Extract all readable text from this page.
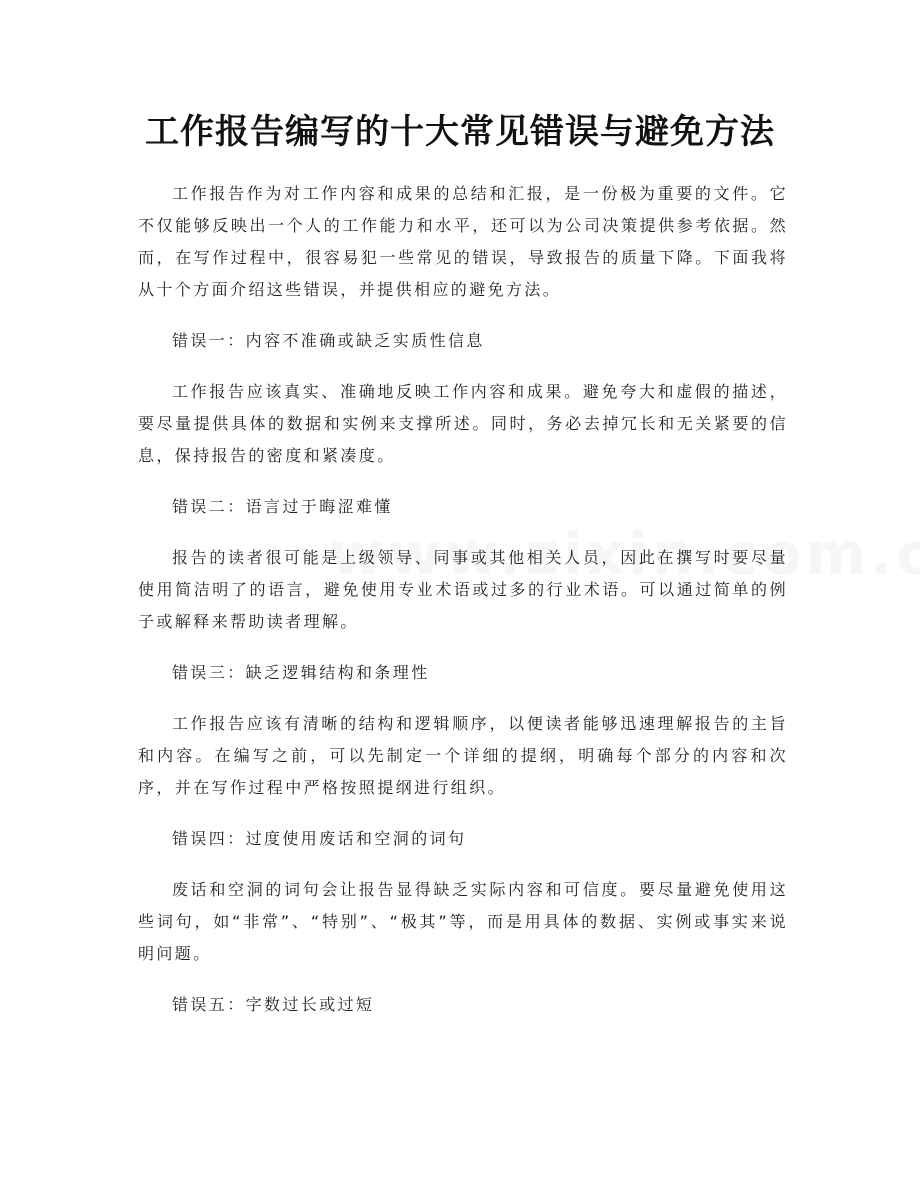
工作报告编写的十大常见错误与避免方法

工作报告作为对工作内容和成果的总结和汇报，是一份极为重要的文件。它不仅能够反映出一个人的工作能力和水平，还可以为公司决策提供参考依据。然而，在写作过程中，很容易犯一些常见的错误，导致报告的质量下降。下面我将从十个方面介绍这些错误，并提供相应的避免方法。

错误一：内容不准确或缺乏实质性信息

工作报告应该真实、准确地反映工作内容和成果。避免夸大和虚假的描述，要尽量提供具体的数据和实例来支撑所述。同时，务必去掉冗长和无关紧要的信息，保持报告的密度和紧凑度。

错误二：语言过于晦涩难懂

报告的读者很可能是上级领导、同事或其他相关人员，因此在撰写时要尽量使用简洁明了的语言，避免使用专业术语或过多的行业术语。可以通过简单的例子或解释来帮助读者理解。

错误三：缺乏逻辑结构和条理性

工作报告应该有清晰的结构和逻辑顺序，以便读者能够迅速理解报告的主旨和内容。在编写之前，可以先制定一个详细的提纲，明确每个部分的内容和次序，并在写作过程中严格按照提纲进行组织。

错误四：过度使用废话和空洞的词句

废话和空洞的词句会让报告显得缺乏实际内容和可信度。要尽量避免使用这些词句，如“非常”、“特别”、“极其”等，而是用具体的数据、实例或事实来说明问题。

错误五：字数过长或过短
